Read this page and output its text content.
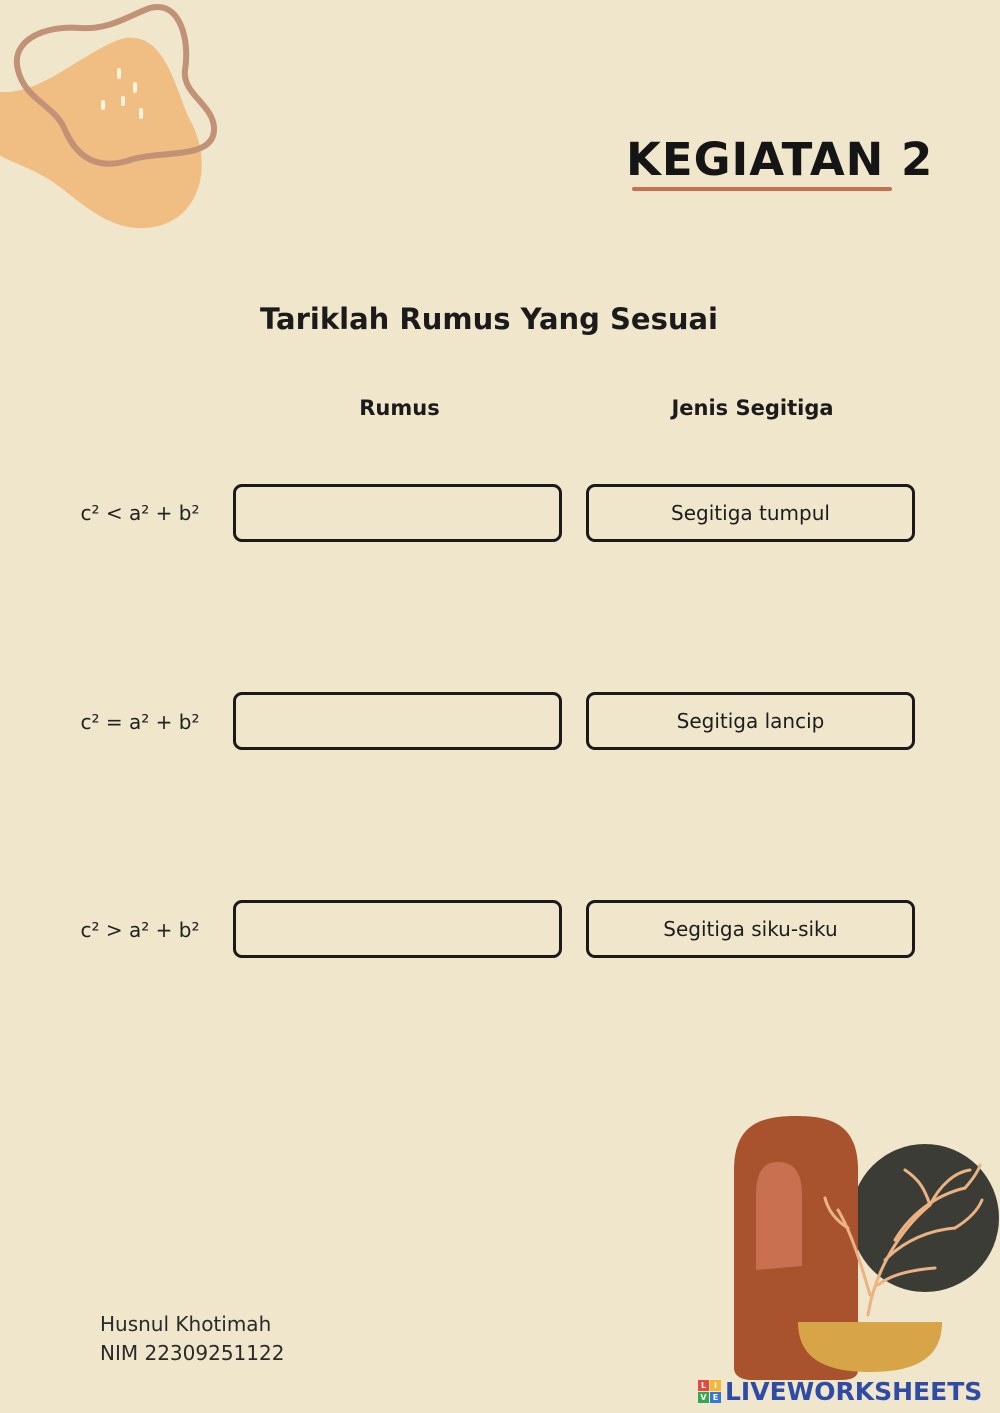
KEGIATAN 2
Tariklah Rumus Yang Sesuai
Rumus	Jenis Segitiga
c² < a² + b²	Segitiga tumpul
c² = a² + b²	Segitiga lancip
c² > a² + b²	Segitiga siku-siku
Husnul Khotimah
NIM 22309251122
L I
V E LIVEWORKSHEETS
